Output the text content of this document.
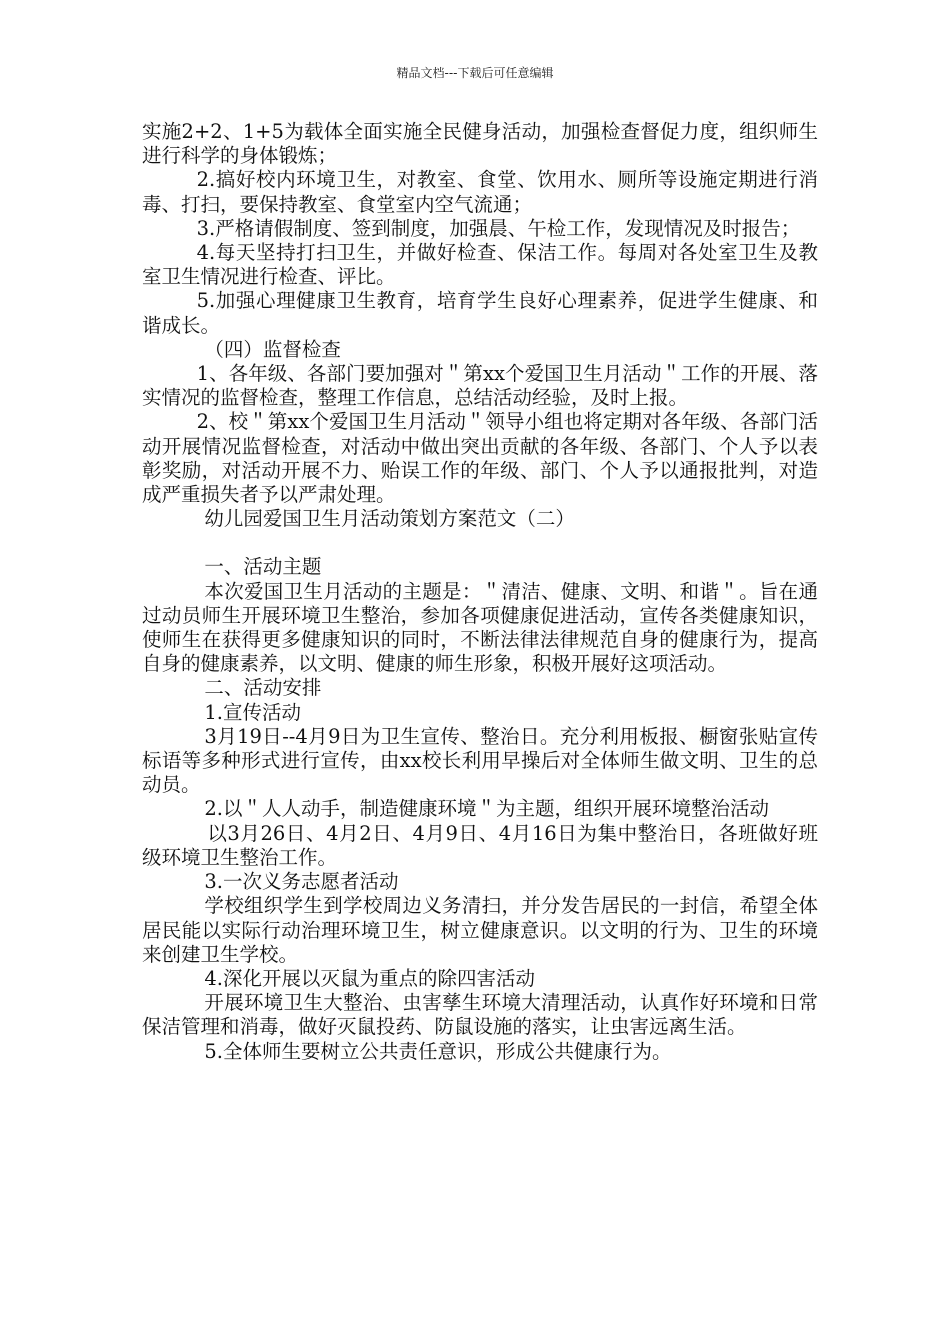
精品文档---下载后可任意编辑

实施2+2、1+5为载体全面实施全民健身活动，加强检查督促力度，组织师生进行科学的身体锻炼；

2.搞好校内环境卫生，对教室、食堂、饮用水、厕所等设施定期进行消毒、打扫，要保持教室、食堂室内空气流通；

3.严格请假制度、签到制度，加强晨、午检工作，发现情况及时报告；

4.每天坚持打扫卫生，并做好检查、保洁工作。每周对各处室卫生及教室卫生情况进行检查、评比。

5.加强心理健康卫生教育，培育学生良好心理素养，促进学生健康、和谐成长。

（四）监督检查

1、各年级、各部门要加强对＂第xx个爱国卫生月活动＂工作的开展、落实情况的监督检查，整理工作信息，总结活动经验，及时上报。

2、校＂第xx个爱国卫生月活动＂领导小组也将定期对各年级、各部门活动开展情况监督检查，对活动中做出突出贡献的各年级、各部门、个人予以表彰奖励，对活动开展不力、贻误工作的年级、部门、个人予以通报批判，对造成严重损失者予以严肃处理。

幼儿园爱国卫生月活动策划方案范文（二）

一、活动主题

本次爱国卫生月活动的主题是：＂清洁、健康、文明、和谐＂。旨在通过动员师生开展环境卫生整治，参加各项健康促进活动，宣传各类健康知识，使师生在获得更多健康知识的同时，不断法律法律规范自身的健康行为，提高自身的健康素养，以文明、健康的师生形象，积极开展好这项活动。

二、活动安排

1.宣传活动

3月19日--4月9日为卫生宣传、整治日。充分利用板报、橱窗张贴宣传标语等多种形式进行宣传，由xx校长利用早操后对全体师生做文明、卫生的总动员。

2.以＂人人动手，制造健康环境＂为主题，组织开展环境整治活动

以3月26日、4月2日、4月9日、4月16日为集中整治日，各班做好班级环境卫生整治工作。

3.一次义务志愿者活动

学校组织学生到学校周边义务清扫，并分发告居民的一封信，希望全体居民能以实际行动治理环境卫生，树立健康意识。以文明的行为、卫生的环境来创建卫生学校。

4.深化开展以灭鼠为重点的除四害活动

开展环境卫生大整治、虫害孳生环境大清理活动，认真作好环境和日常保洁管理和消毒，做好灭鼠投药、防鼠设施的落实，让虫害远离生活。

5.全体师生要树立公共责任意识，形成公共健康行为。
